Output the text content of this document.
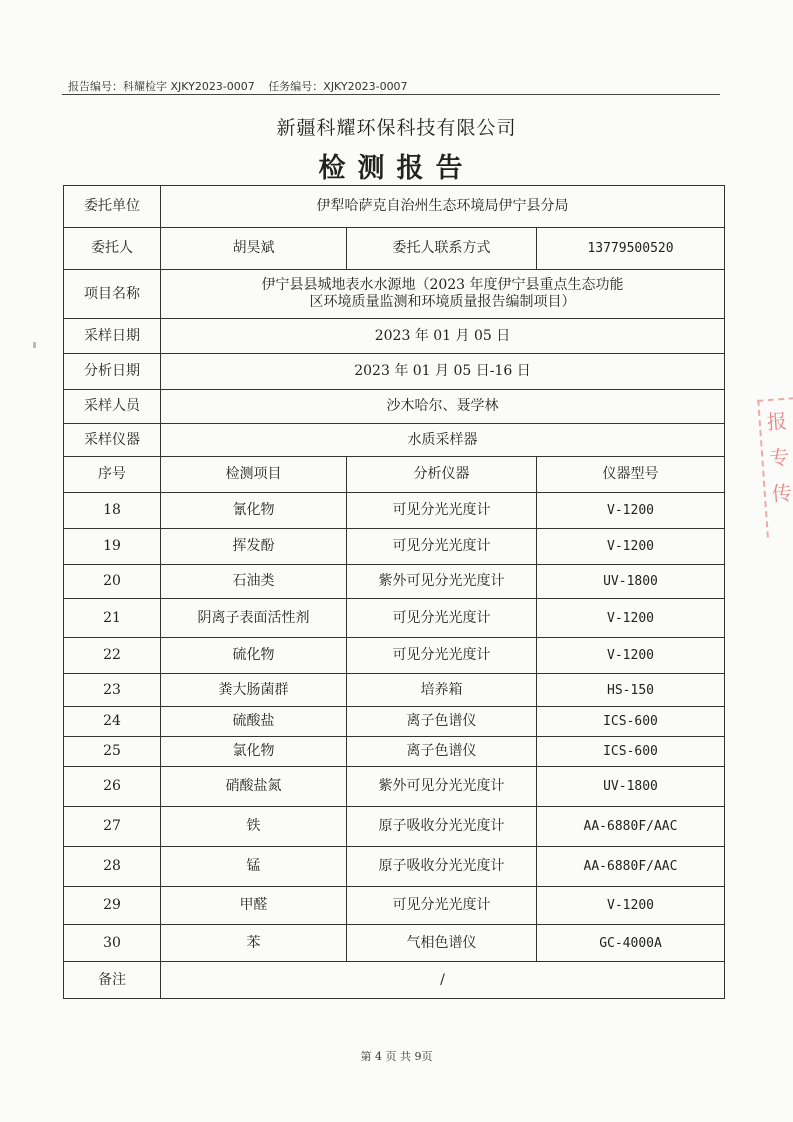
报告编号：科耀检字 XJKY2023-0007 任务编号：XJKY2023-0007
新疆科耀环保科技有限公司
检测报告
委托单位	伊犁哈萨克自治州生态环境局伊宁县分局		
委托人	胡昊斌	委托人联系方式	13779500520
项目名称	伊宁县县城地表水水源地（2023 年度伊宁县重点生态功能
区环境质量监测和环境质量报告编制项目）		

采样日期	2023 年 01 月 05 日		
分析日期	2023 年 01 月 05 日-16 日		
采样人员	沙木哈尔、聂学林		
采样仪器	水质采样器		
序号	检测项目	分析仪器	仪器型号
18	氰化物	可见分光光度计	V-1200
19	挥发酚	可见分光光度计	V-1200
20	石油类	紫外可见分光光度计	UV-1800
21	阴离子表面活性剂	可见分光光度计	V-1200
22	硫化物	可见分光光度计	V-1200
23	粪大肠菌群	培养箱	HS-150
24	硫酸盐	离子色谱仪	ICS-600
25	氯化物	离子色谱仪	ICS-600
26	硝酸盐氮	紫外可见分光光度计	UV-1800
27	铁	原子吸收分光光度计	AA-6880F/AAC
28	锰	原子吸收分光光度计	AA-6880F/AAC
29	甲醛	可见分光光度计	V-1200
30	苯	气相色谱仪	GC-4000A
备注	/		
第 4 页 共 9页
报
专
传
